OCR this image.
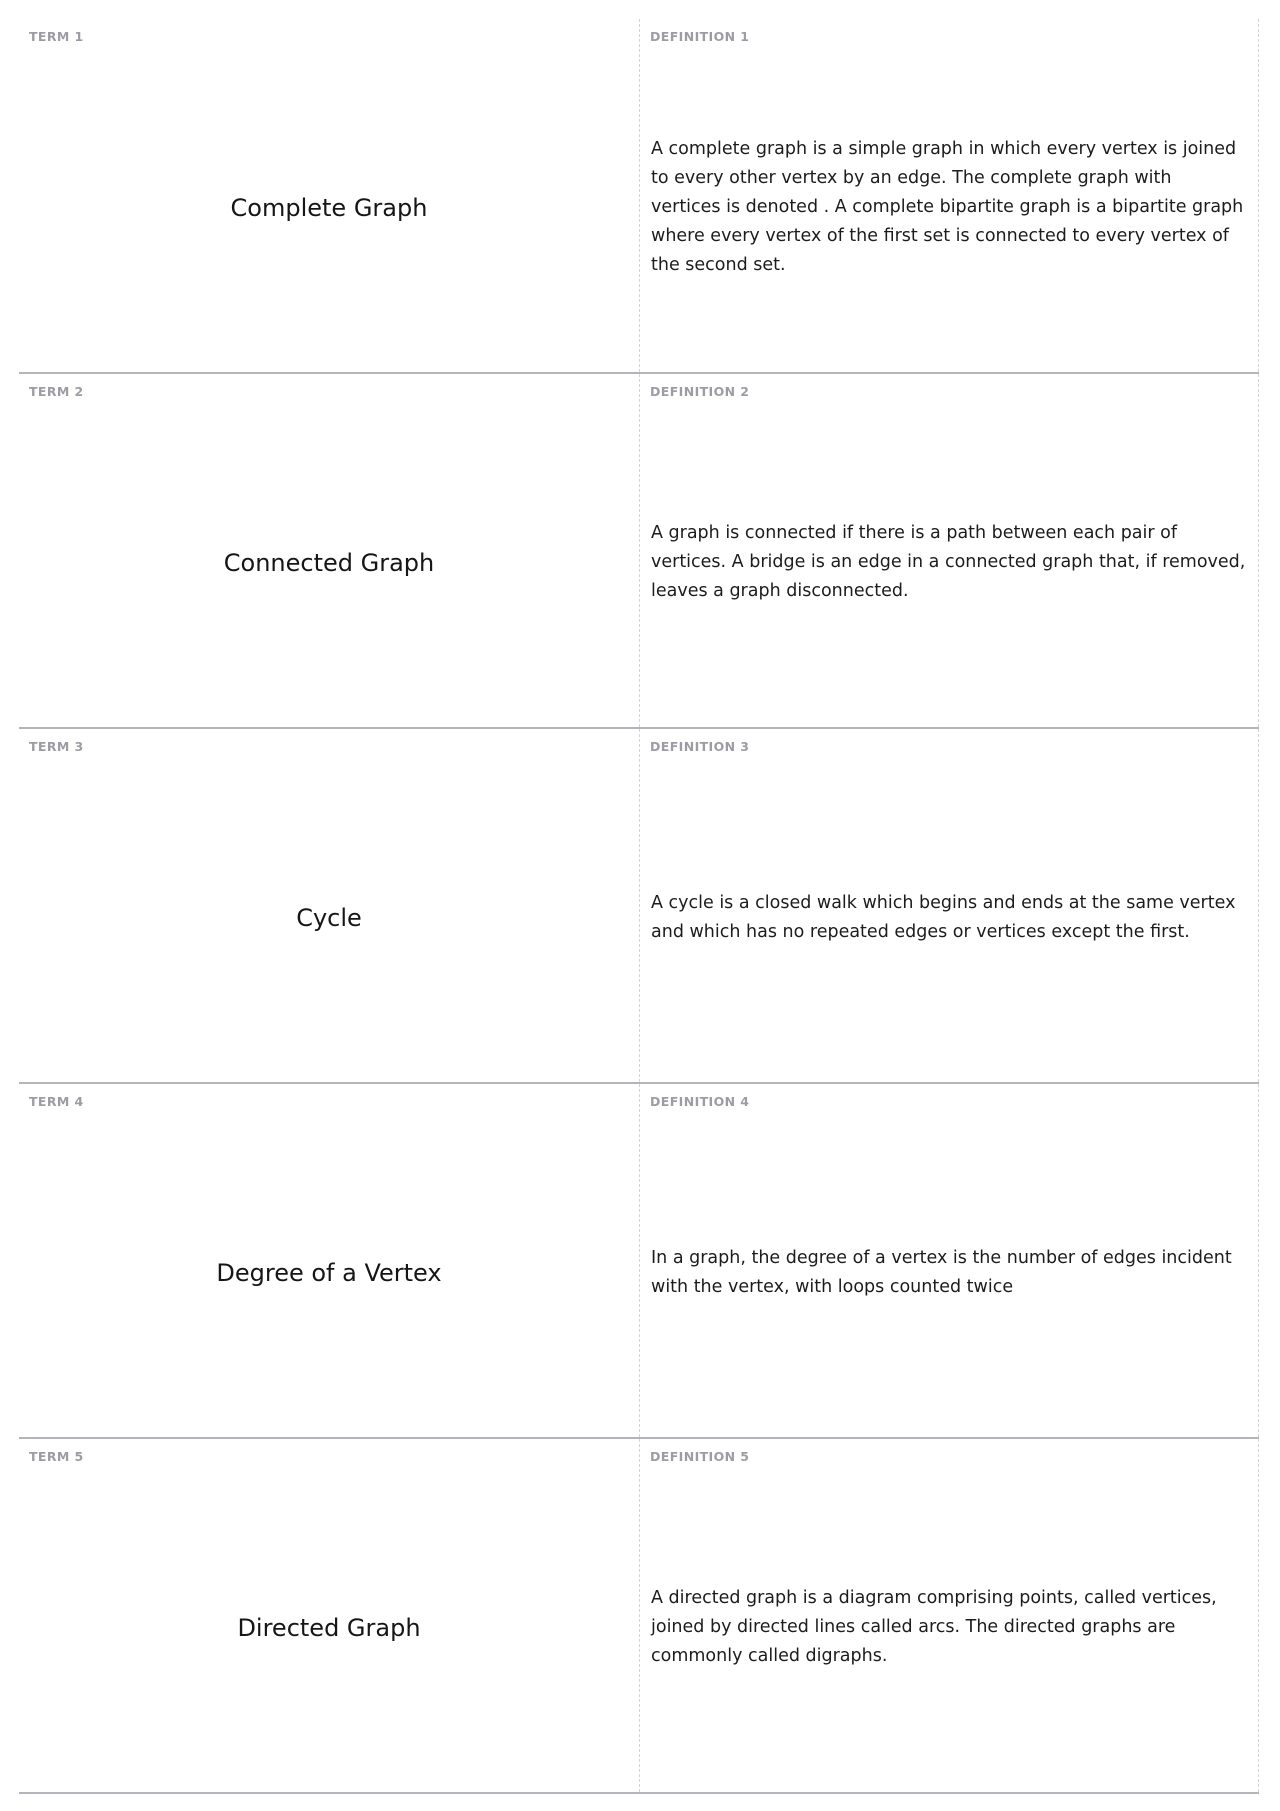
TERM 1
Complete Graph
DEFINITION 1
A complete graph is a simple graph in which every vertex is joined to every other vertex by an edge. The complete graph with vertices is denoted . A complete bipartite graph is a bipartite graph where every vertex of the first set is connected to every vertex of the second set.
TERM 2
Connected Graph
DEFINITION 2
A graph is connected if there is a path between each pair of vertices. A bridge is an edge in a connected graph that, if removed, leaves a graph disconnected.
TERM 3
Cycle
DEFINITION 3
A cycle is a closed walk which begins and ends at the same vertex and which has no repeated edges or vertices except the first.
TERM 4
Degree of a Vertex
DEFINITION 4
In a graph, the degree of a vertex is the number of edges incident with the vertex, with loops counted twice
TERM 5
Directed Graph
DEFINITION 5
A directed graph is a diagram comprising points, called vertices, joined by directed lines called arcs. The directed graphs are commonly called digraphs.
